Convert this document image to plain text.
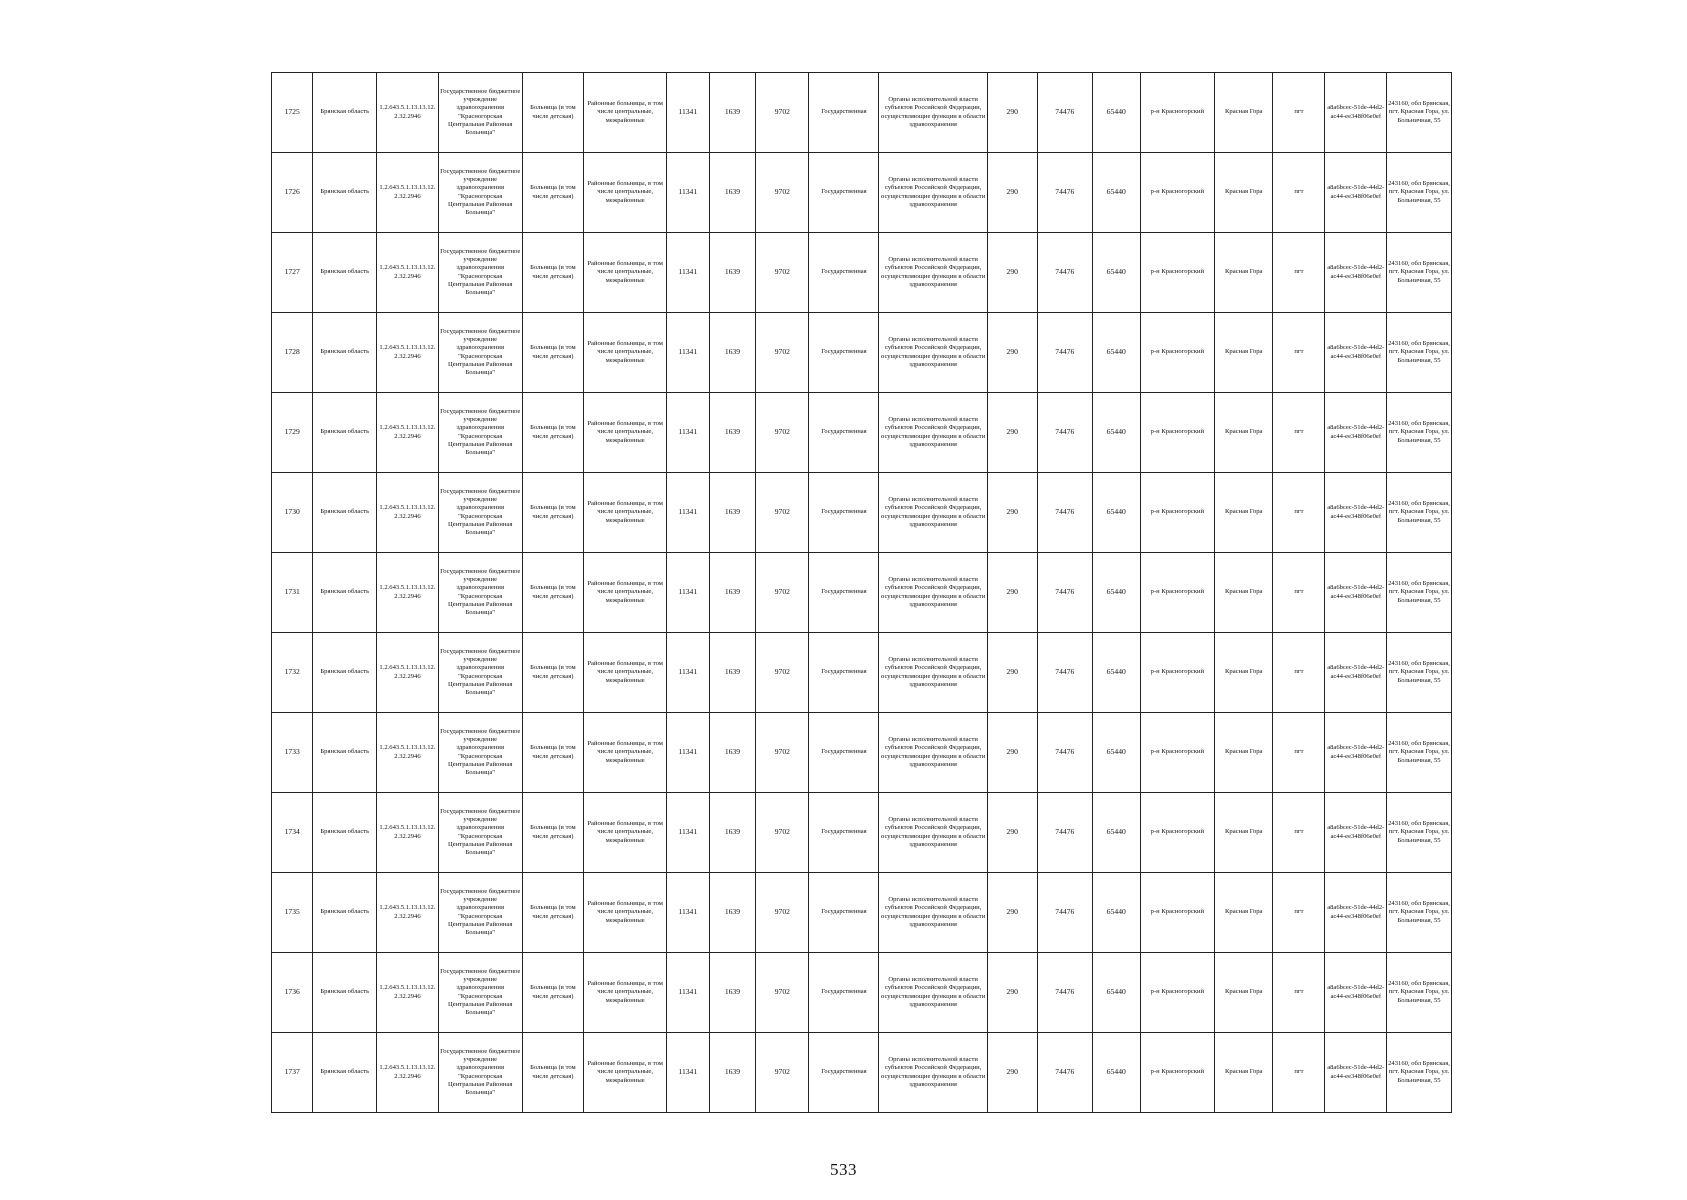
1725	Брянская область	1.2.643.5.1.13.13.12.2.32.2946	Государственное бюджетное учреждение здравоохранения "Красногорская Центральная Районная Больница"	Больница (в том числе детская)	Районные больницы, в том числе центральные, межрайонные	11341	1639	9702	Государственная	Органы исполнительной власти субъектов Российской Федерации, осуществляющие функции в области здравоохранения	290	74476	65440	р-н Красногорский	Красная Гора	пгт	a8a6bcec-51de-44d2-ac44-ee348f06e0ef	243160, обл Брянская, пгт. Красная Гора, ул. Больничная, 55
1726	Брянская область	1.2.643.5.1.13.13.12.2.32.2946	Государственное бюджетное учреждение здравоохранения "Красногорская Центральная Районная Больница"	Больница (в том числе детская)	Районные больницы, в том числе центральные, межрайонные	11341	1639	9702	Государственная	Органы исполнительной власти субъектов Российской Федерации, осуществляющие функции в области здравоохранения	290	74476	65440	р-н Красногорский	Красная Гора	пгт	a8a6bcec-51de-44d2-ac44-ee348f06e0ef	243160, обл Брянская, пгт. Красная Гора, ул. Больничная, 55
1727	Брянская область	1.2.643.5.1.13.13.12.2.32.2946	Государственное бюджетное учреждение здравоохранения "Красногорская Центральная Районная Больница"	Больница (в том числе детская)	Районные больницы, в том числе центральные, межрайонные	11341	1639	9702	Государственная	Органы исполнительной власти субъектов Российской Федерации, осуществляющие функции в области здравоохранения	290	74476	65440	р-н Красногорский	Красная Гора	пгт	a8a6bcec-51de-44d2-ac44-ee348f06e0ef	243160, обл Брянская, пгт. Красная Гора, ул. Больничная, 55
1728	Брянская область	1.2.643.5.1.13.13.12.2.32.2946	Государственное бюджетное учреждение здравоохранения "Красногорская Центральная Районная Больница"	Больница (в том числе детская)	Районные больницы, в том числе центральные, межрайонные	11341	1639	9702	Государственная	Органы исполнительной власти субъектов Российской Федерации, осуществляющие функции в области здравоохранения	290	74476	65440	р-н Красногорский	Красная Гора	пгт	a8a6bcec-51de-44d2-ac44-ee348f06e0ef	243160, обл Брянская, пгт. Красная Гора, ул. Больничная, 55
1729	Брянская область	1.2.643.5.1.13.13.12.2.32.2946	Государственное бюджетное учреждение здравоохранения "Красногорская Центральная Районная Больница"	Больница (в том числе детская)	Районные больницы, в том числе центральные, межрайонные	11341	1639	9702	Государственная	Органы исполнительной власти субъектов Российской Федерации, осуществляющие функции в области здравоохранения	290	74476	65440	р-н Красногорский	Красная Гора	пгт	a8a6bcec-51de-44d2-ac44-ee348f06e0ef	243160, обл Брянская, пгт. Красная Гора, ул. Больничная, 55
1730	Брянская область	1.2.643.5.1.13.13.12.2.32.2946	Государственное бюджетное учреждение здравоохранения "Красногорская Центральная Районная Больница"	Больница (в том числе детская)	Районные больницы, в том числе центральные, межрайонные	11341	1639	9702	Государственная	Органы исполнительной власти субъектов Российской Федерации, осуществляющие функции в области здравоохранения	290	74476	65440	р-н Красногорский	Красная Гора	пгт	a8a6bcec-51de-44d2-ac44-ee348f06e0ef	243160, обл Брянская, пгт. Красная Гора, ул. Больничная, 55
1731	Брянская область	1.2.643.5.1.13.13.12.2.32.2946	Государственное бюджетное учреждение здравоохранения "Красногорская Центральная Районная Больница"	Больница (в том числе детская)	Районные больницы, в том числе центральные, межрайонные	11341	1639	9702	Государственная	Органы исполнительной власти субъектов Российской Федерации, осуществляющие функции в области здравоохранения	290	74476	65440	р-н Красногорский	Красная Гора	пгт	a8a6bcec-51de-44d2-ac44-ee348f06e0ef	243160, обл Брянская, пгт. Красная Гора, ул. Больничная, 55
1732	Брянская область	1.2.643.5.1.13.13.12.2.32.2946	Государственное бюджетное учреждение здравоохранения "Красногорская Центральная Районная Больница"	Больница (в том числе детская)	Районные больницы, в том числе центральные, межрайонные	11341	1639	9702	Государственная	Органы исполнительной власти субъектов Российской Федерации, осуществляющие функции в области здравоохранения	290	74476	65440	р-н Красногорский	Красная Гора	пгт	a8a6bcec-51de-44d2-ac44-ee348f06e0ef	243160, обл Брянская, пгт. Красная Гора, ул. Больничная, 55
1733	Брянская область	1.2.643.5.1.13.13.12.2.32.2946	Государственное бюджетное учреждение здравоохранения "Красногорская Центральная Районная Больница"	Больница (в том числе детская)	Районные больницы, в том числе центральные, межрайонные	11341	1639	9702	Государственная	Органы исполнительной власти субъектов Российской Федерации, осуществляющие функции в области здравоохранения	290	74476	65440	р-н Красногорский	Красная Гора	пгт	a8a6bcec-51de-44d2-ac44-ee348f06e0ef	243160, обл Брянская, пгт. Красная Гора, ул. Больничная, 55
1734	Брянская область	1.2.643.5.1.13.13.12.2.32.2946	Государственное бюджетное учреждение здравоохранения "Красногорская Центральная Районная Больница"	Больница (в том числе детская)	Районные больницы, в том числе центральные, межрайонные	11341	1639	9702	Государственная	Органы исполнительной власти субъектов Российской Федерации, осуществляющие функции в области здравоохранения	290	74476	65440	р-н Красногорский	Красная Гора	пгт	a8a6bcec-51de-44d2-ac44-ee348f06e0ef	243160, обл Брянская, пгт. Красная Гора, ул. Больничная, 55
1735	Брянская область	1.2.643.5.1.13.13.12.2.32.2946	Государственное бюджетное учреждение здравоохранения "Красногорская Центральная Районная Больница"	Больница (в том числе детская)	Районные больницы, в том числе центральные, межрайонные	11341	1639	9702	Государственная	Органы исполнительной власти субъектов Российской Федерации, осуществляющие функции в области здравоохранения	290	74476	65440	р-н Красногорский	Красная Гора	пгт	a8a6bcec-51de-44d2-ac44-ee348f06e0ef	243160, обл Брянская, пгт. Красная Гора, ул. Больничная, 55
1736	Брянская область	1.2.643.5.1.13.13.12.2.32.2946	Государственное бюджетное учреждение здравоохранения "Красногорская Центральная Районная Больница"	Больница (в том числе детская)	Районные больницы, в том числе центральные, межрайонные	11341	1639	9702	Государственная	Органы исполнительной власти субъектов Российской Федерации, осуществляющие функции в области здравоохранения	290	74476	65440	р-н Красногорский	Красная Гора	пгт	a8a6bcec-51de-44d2-ac44-ee348f06e0ef	243160, обл Брянская, пгт. Красная Гора, ул. Больничная, 55
1737	Брянская область	1.2.643.5.1.13.13.12.2.32.2946	Государственное бюджетное учреждение здравоохранения "Красногорская Центральная Районная Больница"	Больница (в том числе детская)	Районные больницы, в том числе центральные, межрайонные	11341	1639	9702	Государственная	Органы исполнительной власти субъектов Российской Федерации, осуществляющие функции в области здравоохранения	290	74476	65440	р-н Красногорский	Красная Гора	пгт	a8a6bcec-51de-44d2-ac44-ee348f06e0ef	243160, обл Брянская, пгт. Красная Гора, ул. Больничная, 55
533
